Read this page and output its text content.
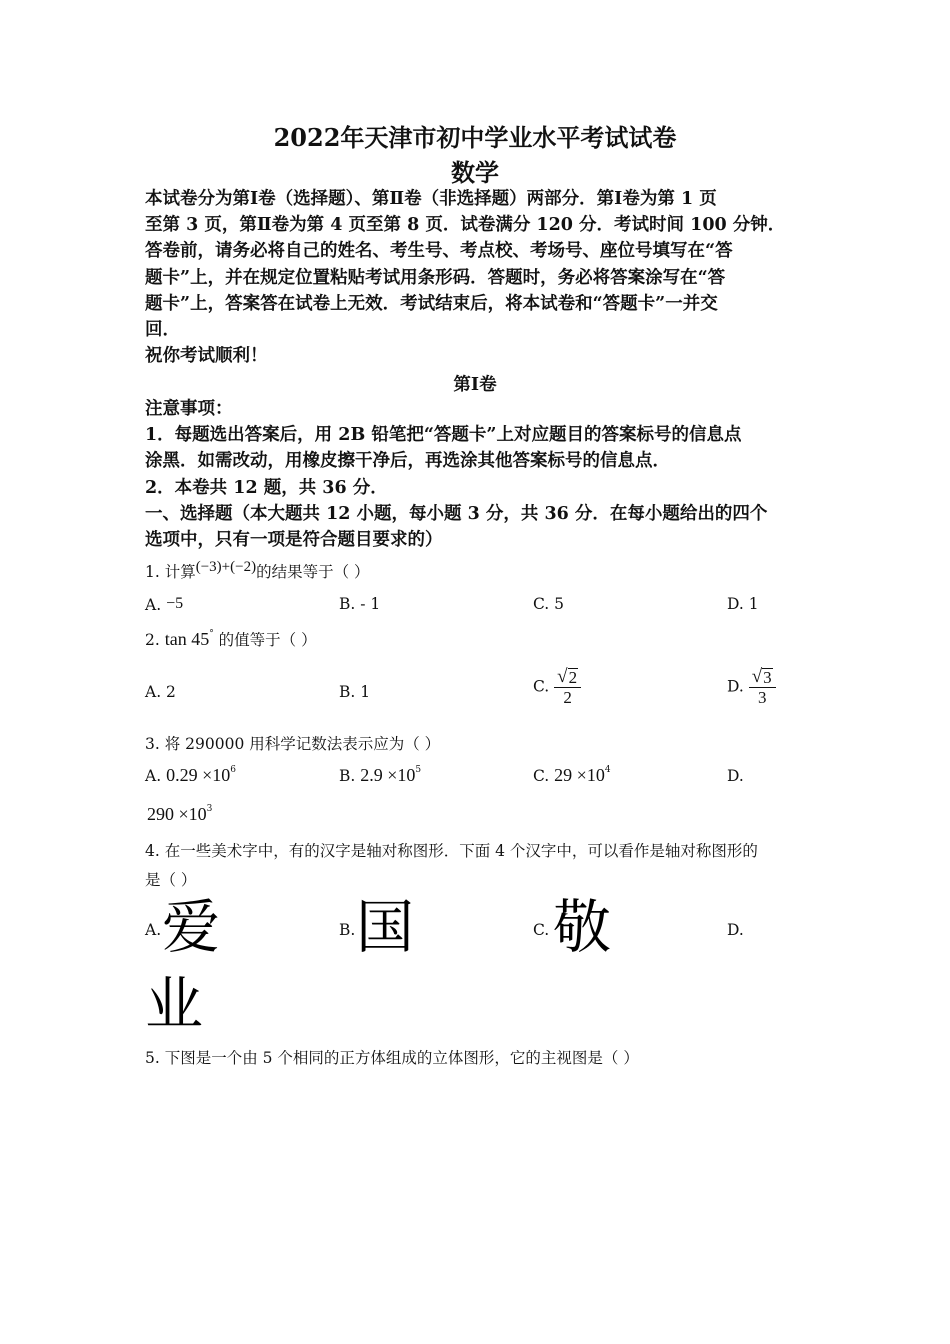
2022年天津市初中学业水平考试试卷
数学
本试卷分为第Ⅰ卷（选择题）、第Ⅱ卷（非选择题）两部分．第Ⅰ卷为第 1 页
至第 3 页，第Ⅱ卷为第 4 页至第 8 页．试卷满分 120 分．考试时间 100 分钟．
答卷前，请务必将自己的姓名、考生号、考点校、考场号、座位号填写在“答
题卡”上，并在规定位置粘贴考试用条形码．答题时，务必将答案涂写在“答
题卡”上，答案答在试卷上无效．考试结束后，将本试卷和“答题卡”一并交
回．
祝你考试顺利！
第Ⅰ卷
注意事项：
1．每题选出答案后，用 2B 铅笔把“答题卡”上对应题目的答案标号的信息点
涂黑．如需改动，用橡皮擦干净后，再选涂其他答案标号的信息点．
2．本卷共 12 题，共 36 分．
一、选择题（本大题共 12 小题，每小题 3 分，共 36 分．在每小题给出的四个
选项中，只有一项是符合题目要求的）
1. 计算(−3)+(−2)的结果等于（ ）
A. −5	B. - 1	C. 5	D. 1
2. tan 45° 的值等于（ ）
A. 2	B. 1	C. $\frac{√ 2}{2}$	D. $\frac{√ 3}{3}$
3. 将 290000 用科学记数法表示应为（ ）
A. $0.29 \times 10^6$	B. $2.9 \times 10^5$	C. $29 \times 10^4$	D.
$290 \times 10^3$
4. 在一些美术字中，有的汉字是轴对称图形．下面 4 个汉字中，可以看作是轴对称图形的
是（ ）
A. 爱	B. 国	C. 敬	D.
业
5. 下图是一个由 5 个相同的正方体组成的立体图形，它的主视图是（ ）
